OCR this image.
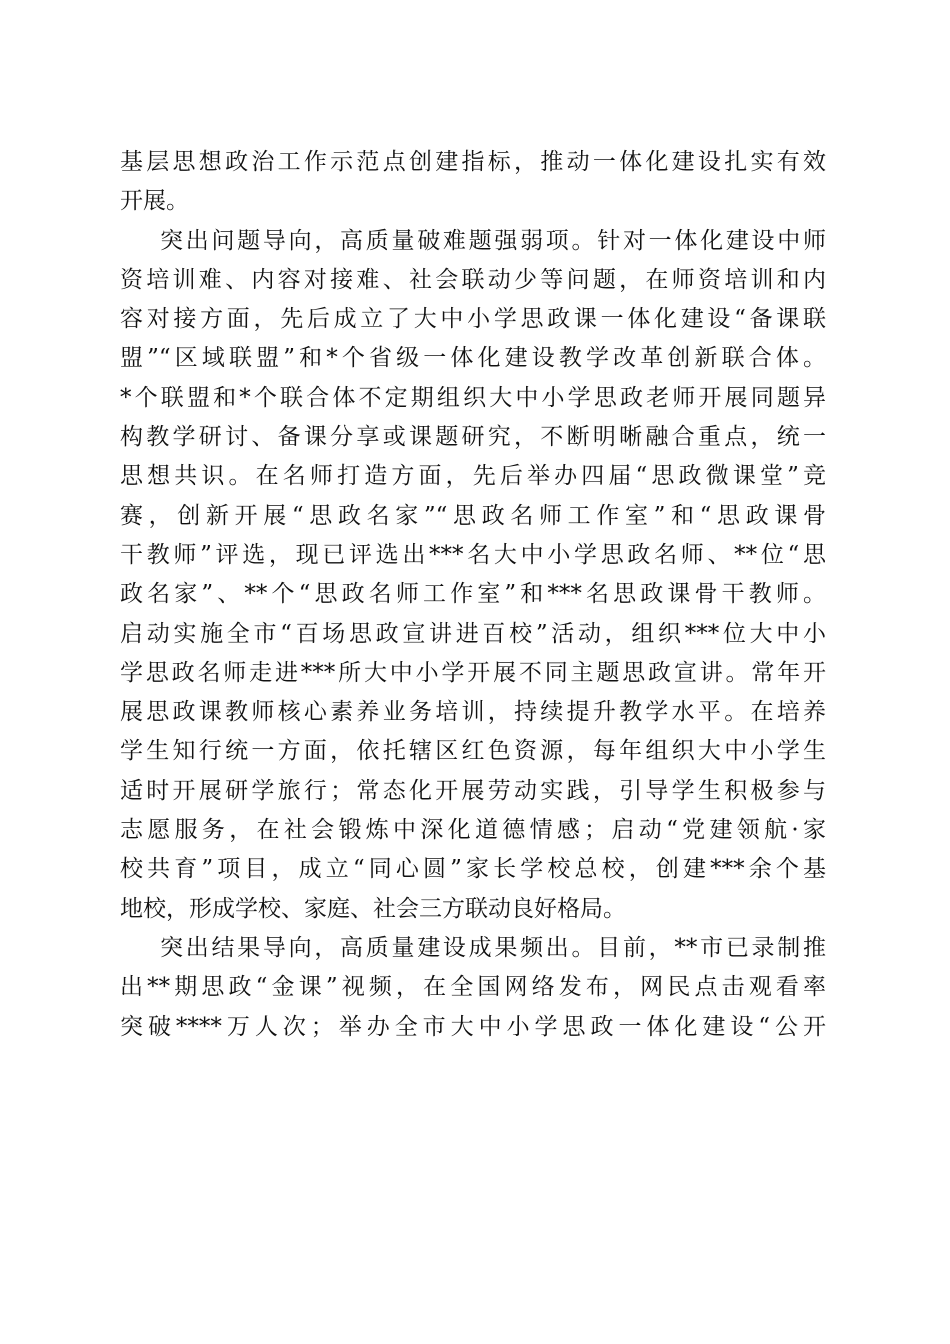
基层思想政治工作示范点创建指标，推动一体化建设扎实有效
开展。
突出问题导向，高质量破难题强弱项。针对一体化建设中师
资培训难、内容对接难、社会联动少等问题，在师资培训和内
容对接方面，先后成立了大中小学思政课一体化建设“备课联
盟”“区域联盟”和*个省级一体化建设教学改革创新联合体。
*个联盟和*个联合体不定期组织大中小学思政老师开展同题异
构教学研讨、备课分享或课题研究，不断明晰融合重点，统一
思想共识。在名师打造方面，先后举办四届“思政微课堂”竞
赛，创新开展“思政名家”“思政名师工作室”和“思政课骨
干教师”评选，现已评选出***名大中小学思政名师、**位“思
政名家”、**个“思政名师工作室”和***名思政课骨干教师。
启动实施全市“百场思政宣讲进百校”活动，组织***位大中小
学思政名师走进***所大中小学开展不同主题思政宣讲。常年开
展思政课教师核心素养业务培训，持续提升教学水平。在培养
学生知行统一方面，依托辖区红色资源，每年组织大中小学生
适时开展研学旅行；常态化开展劳动实践，引导学生积极参与
志愿服务，在社会锻炼中深化道德情感；启动“党建领航·家
校共育”项目，成立“同心圆”家长学校总校，创建***余个基
地校，形成学校、家庭、社会三方联动良好格局。
突出结果导向，高质量建设成果频出。目前，**市已录制推
出**期思政“金课”视频，在全国网络发布，网民点击观看率
突破****万人次；举办全市大中小学思政一体化建设“公开
